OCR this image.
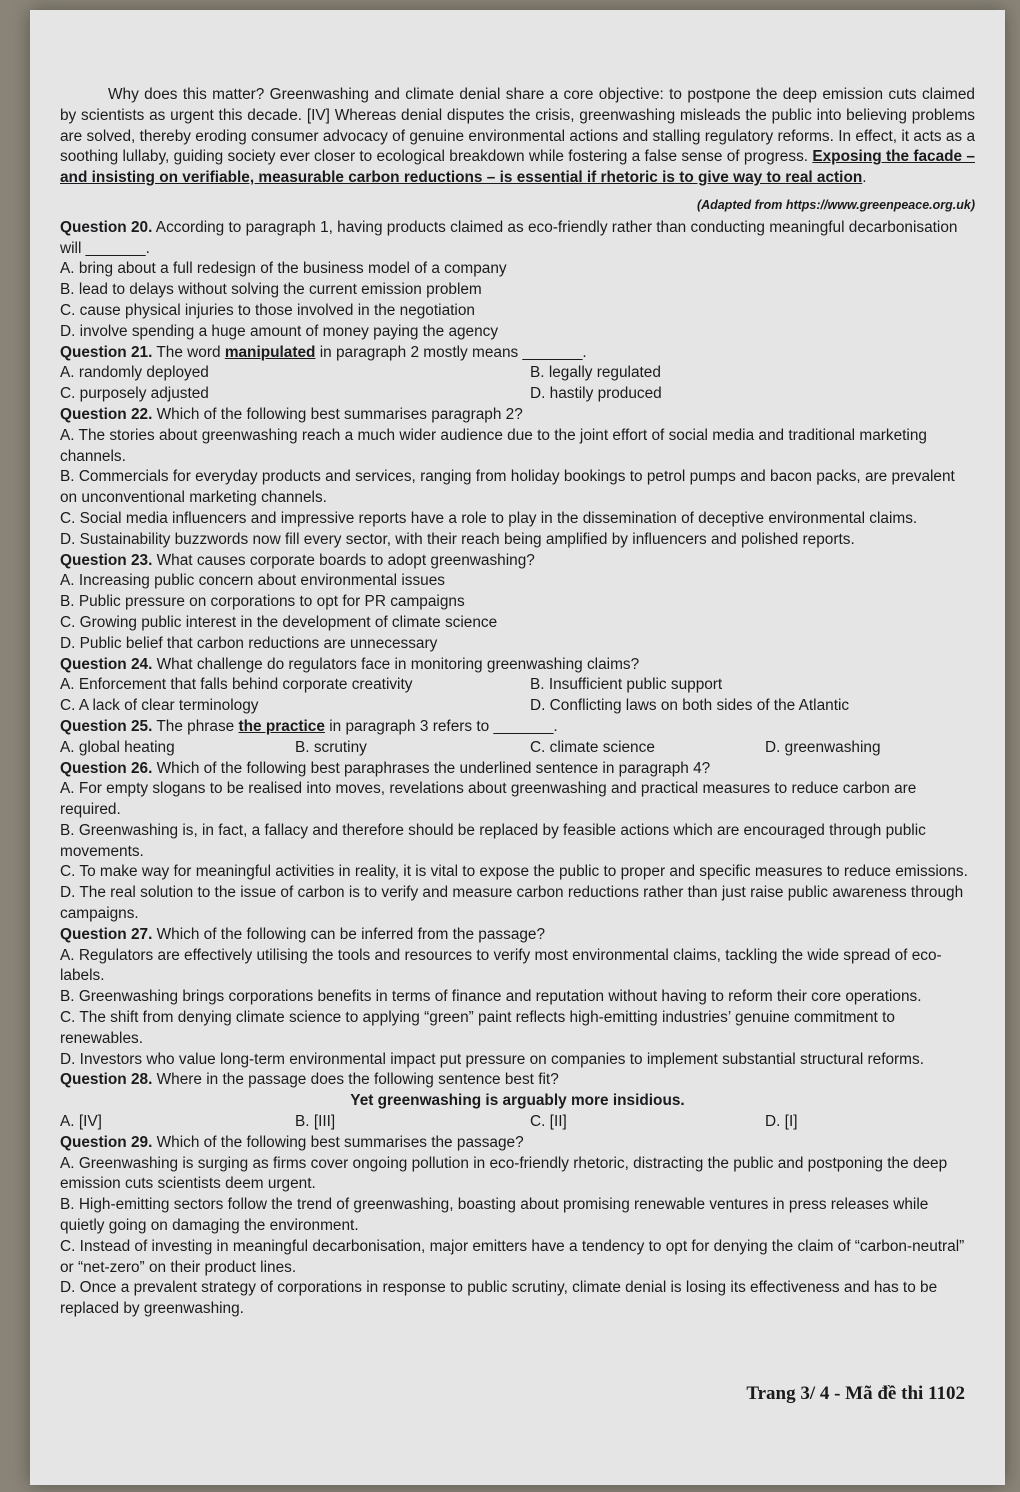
Why does this matter? Greenwashing and climate denial share a core objective: to postpone the deep emission cuts claimed by scientists as urgent this decade. [IV] Whereas denial disputes the crisis, greenwashing misleads the public into believing problems are solved, thereby eroding consumer advocacy of genuine environmental actions and stalling regulatory reforms. In effect, it acts as a soothing lullaby, guiding society ever closer to ecological breakdown while fostering a false sense of progress. Exposing the facade – and insisting on verifiable, measurable carbon reductions – is essential if rhetoric is to give way to real action.

(Adapted from https://www.greenpeace.org.uk)

Question 20. According to paragraph 1, having products claimed as eco-friendly rather than conducting meaningful decarbonisation will _______.

A. bring about a full redesign of the business model of a company

B. lead to delays without solving the current emission problem

C. cause physical injuries to those involved in the negotiation

D. involve spending a huge amount of money paying the agency

Question 21. The word manipulated in paragraph 2 mostly means _______.

A. randomly deployed	B. legally regulated
C. purposely adjusted	D. hastily produced

Question 22. Which of the following best summarises paragraph 2?

A. The stories about greenwashing reach a much wider audience due to the joint effort of social media and traditional marketing channels.

B. Commercials for everyday products and services, ranging from holiday bookings to petrol pumps and bacon packs, are prevalent on unconventional marketing channels.

C. Social media influencers and impressive reports have a role to play in the dissemination of deceptive environmental claims.

D. Sustainability buzzwords now fill every sector, with their reach being amplified by influencers and polished reports.

Question 23. What causes corporate boards to adopt greenwashing?

A. Increasing public concern about environmental issues

B. Public pressure on corporations to opt for PR campaigns

C. Growing public interest in the development of climate science

D. Public belief that carbon reductions are unnecessary

Question 24. What challenge do regulators face in monitoring greenwashing claims?

A. Enforcement that falls behind corporate creativity	B. Insufficient public support
C. A lack of clear terminology	D. Conflicting laws on both sides of the Atlantic

Question 25. The phrase the practice in paragraph 3 refers to _______.

A. global heating	B. scrutiny	C. climate science	D. greenwashing

Question 26. Which of the following best paraphrases the underlined sentence in paragraph 4?

A. For empty slogans to be realised into moves, revelations about greenwashing and practical measures to reduce carbon are required.

B. Greenwashing is, in fact, a fallacy and therefore should be replaced by feasible actions which are encouraged through public movements.

C. To make way for meaningful activities in reality, it is vital to expose the public to proper and specific measures to reduce emissions.

D. The real solution to the issue of carbon is to verify and measure carbon reductions rather than just raise public awareness through campaigns.

Question 27. Which of the following can be inferred from the passage?

A. Regulators are effectively utilising the tools and resources to verify most environmental claims, tackling the wide spread of eco-labels.

B. Greenwashing brings corporations benefits in terms of finance and reputation without having to reform their core operations.

C. The shift from denying climate science to applying “green” paint reflects high-emitting industries’ genuine commitment to renewables.

D. Investors who value long-term environmental impact put pressure on companies to implement substantial structural reforms.

Question 28. Where in the passage does the following sentence best fit?

Yet greenwashing is arguably more insidious.

A. [IV]	B. [III]	C. [II]	D. [I]

Question 29. Which of the following best summarises the passage?

A. Greenwashing is surging as firms cover ongoing pollution in eco-friendly rhetoric, distracting the public and postponing the deep emission cuts scientists deem urgent.

B. High-emitting sectors follow the trend of greenwashing, boasting about promising renewable ventures in press releases while quietly going on damaging the environment.

C. Instead of investing in meaningful decarbonisation, major emitters have a tendency to opt for denying the claim of “carbon-neutral” or “net-zero” on their product lines.

D. Once a prevalent strategy of corporations in response to public scrutiny, climate denial is losing its effectiveness and has to be replaced by greenwashing.

Trang 3/ 4 - Mã đề thi 1102
